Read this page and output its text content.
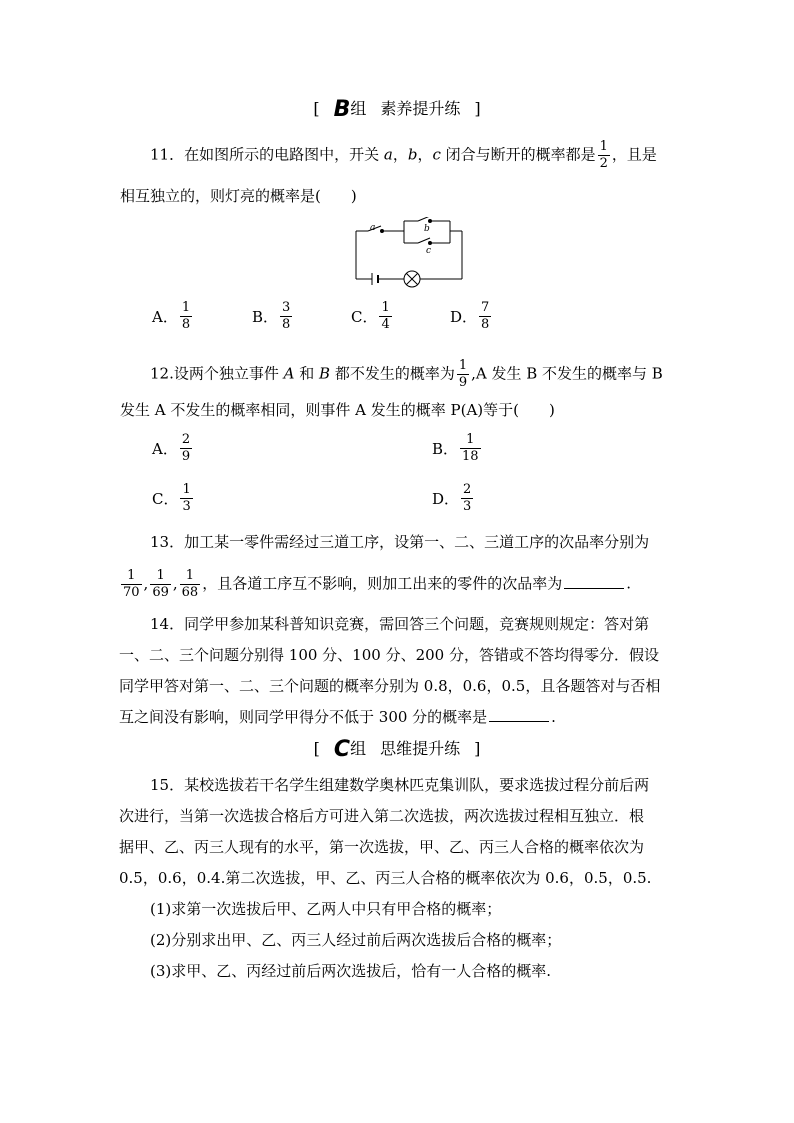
[ B组 素养提升练 ]
11．在如图所示的电路图中，开关 a，b，c 闭合与断开的概率都是 $\frac{1}{2}$ ，且是
相互独立的，则灯亮的概率是(　　)
a	b
c
A． $\frac{1}{8}$	B． $\frac{3}{8}$	C． $\frac{1}{4}$	D． $\frac{7}{8}$
12.设两个独立事件 A 和 B 都不发生的概率为 $\frac{1}{9} ,A$ 发生 B 不发生的概率与 B
发生 A 不发生的概率相同，则事件 A 发生的概率 P(A)等于(　　)
A． $\frac{2}{9}$	B． $\frac{1}{18}$
C． $\frac{1}{3}$	D． $\frac{2}{3}$
13．加工某一零件需经过三道工序，设第一、二、三道工序的次品率分别为
$\frac{1}{70}$ , $\frac{1}{69}$ , $\frac{1}{68}$ ，且各道工序互不影响，则加工出来的零件的次品率为	.
14．同学甲参加某科普知识竞赛，需回答三个问题，竞赛规则规定：答对第
一、二、三个问题分别得 100 分、100 分、200 分，答错或不答均得零分．假设
同学甲答对第一、二、三个问题的概率分别为 0.8，0.6，0.5，且各题答对与否相
互之间没有影响，则同学甲得分不低于 300 分的概率是	.
[ C组 思维提升练 ]
15．某校选拔若干名学生组建数学奥林匹克集训队，要求选拔过程分前后两
次进行，当第一次选拔合格后方可进入第二次选拔，两次选拔过程相互独立．根
据甲、乙、丙三人现有的水平，第一次选拔，甲、乙、丙三人合格的概率依次为
0.5，0.6，0.4.第二次选拔，甲、乙、丙三人合格的概率依次为 0.6，0.5，0.5.
(1)求第一次选拔后甲、乙两人中只有甲合格的概率；
(2)分别求出甲、乙、丙三人经过前后两次选拔后合格的概率；
(3)求甲、乙、丙经过前后两次选拔后，恰有一人合格的概率.
